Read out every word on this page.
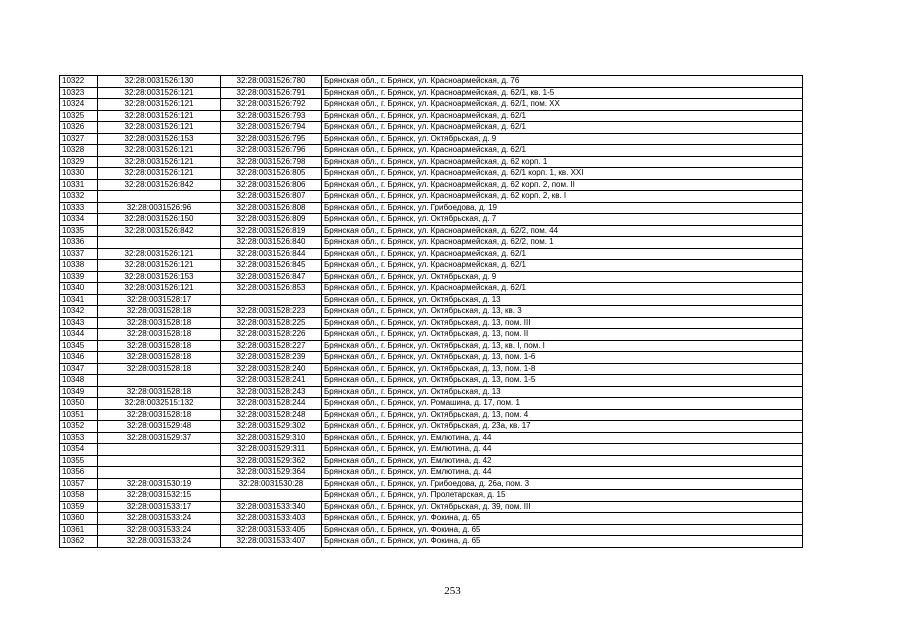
10322	32:28:0031526:130	32:28:0031526:780	Брянская обл., г. Брянск, ул. Красноармейская, д. 76
10323	32:28:0031526:121	32:28:0031526:791	Брянская обл., г. Брянск, ул. Красноармейская, д. 62/1, кв. 1-5
10324	32:28:0031526:121	32:28:0031526:792	Брянская обл., г. Брянск, ул. Красноармейская, д. 62/1, пом. XX
10325	32:28:0031526:121	32:28:0031526:793	Брянская обл., г. Брянск, ул. Красноармейская, д. 62/1
10326	32:28:0031526:121	32:28:0031526:794	Брянская обл., г. Брянск, ул. Красноармейская, д. 62/1
10327	32:28:0031526:153	32:28:0031526:795	Брянская обл., г. Брянск, ул. Октябрьская, д. 9
10328	32:28:0031526:121	32:28:0031526:796	Брянская обл., г. Брянск, ул. Красноармейская, д. 62/1
10329	32:28:0031526:121	32:28:0031526:798	Брянская обл., г. Брянск, ул. Красноармейская, д. 62 корп. 1
10330	32:28:0031526:121	32:28:0031526:805	Брянская обл., г. Брянск, ул. Красноармейская, д. 62/1 корп. 1, кв. XXI
10331	32:28:0031526:842	32:28:0031526:806	Брянская обл., г. Брянск, ул. Красноармейская, д. 62 корп. 2, пом. II
10332		32:28:0031526:807	Брянская обл., г. Брянск, ул. Красноармейская, д. 62 корп. 2, кв. I
10333	32:28:0031526:96	32:28:0031526:808	Брянская обл., г. Брянск, ул. Грибоедова, д. 19
10334	32:28:0031526:150	32:28:0031526:809	Брянская обл., г. Брянск, ул. Октябрьская, д. 7
10335	32:28:0031526:842	32:28:0031526:819	Брянская обл., г. Брянск, ул. Красноармейская, д. 62/2, пом. 44
10336		32:28:0031526:840	Брянская обл., г. Брянск, ул. Красноармейская, д. 62/2, пом. 1
10337	32:28:0031526:121	32:28:0031526:844	Брянская обл., г. Брянск, ул. Красноармейская, д. 62/1
10338	32:28:0031526:121	32:28:0031526:845	Брянская обл., г. Брянск, ул. Красноармейская, д. 62/1
10339	32:28:0031526:153	32:28:0031526:847	Брянская обл., г. Брянск, ул. Октябрьская, д. 9
10340	32:28:0031526:121	32:28:0031526:853	Брянская обл., г. Брянск, ул. Красноармейская, д. 62/1
10341	32:28:0031528:17		Брянская обл., г. Брянск, ул. Октябрьская, д. 13
10342	32:28:0031528:18	32:28:0031528:223	Брянская обл., г. Брянск, ул. Октябрьская, д. 13, кв. 3
10343	32:28:0031528:18	32:28:0031528:225	Брянская обл., г. Брянск, ул. Октябрьская, д. 13, пом. III
10344	32:28:0031528:18	32:28:0031528:226	Брянская обл., г. Брянск, ул. Октябрьская, д. 13, пом. II
10345	32:28:0031528:18	32:28:0031528:227	Брянская обл., г. Брянск, ул. Октябрьская, д. 13, кв. I, пом. I
10346	32:28:0031528:18	32:28:0031528:239	Брянская обл., г. Брянск, ул. Октябрьская, д. 13, пом. 1-6
10347	32:28:0031528:18	32:28:0031528:240	Брянская обл., г. Брянск, ул. Октябрьская, д. 13, пом. 1-8
10348		32:28:0031528:241	Брянская обл., г. Брянск, ул. Октябрьская, д. 13, пом. 1-5
10349	32:28:0031528:18	32:28:0031528:243	Брянская обл., г. Брянск, ул. Октябрьская, д. 13
10350	32:28:0032515:132	32:28:0031528:244	Брянская обл., г. Брянск, ул. Ромашина, д. 17, пом. 1
10351	32:28:0031528:18	32:28:0031528:248	Брянская обл., г. Брянск, ул. Октябрьская, д. 13, пом. 4
10352	32:28:0031529:48	32:28:0031529:302	Брянская обл., г. Брянск, ул. Октябрьская, д. 23а, кв. 17
10353	32:28:0031529:37	32:28:0031529:310	Брянская обл., г. Брянск, ул. Емлютина, д. 44
10354		32:28:0031529:311	Брянская обл., г. Брянск, ул. Емлютина, д. 44
10355		32:28:0031529:362	Брянская обл., г. Брянск, ул. Емлютина, д. 42
10356		32:28:0031529:364	Брянская обл., г. Брянск, ул. Емлютина, д. 44
10357	32:28:0031530:19	32:28:0031530:28	Брянская обл., г. Брянск, ул. Грибоедова, д. 26а, пом. 3
10358	32:28:0031532:15		Брянская обл., г. Брянск, ул. Пролетарская, д. 15
10359	32:28:0031533:17	32:28:0031533:340	Брянская обл., г. Брянск, ул. Октябрьская, д. 39, пом. III
10360	32:28:0031533:24	32:28:0031533:403	Брянская обл., г. Брянск, ул. Фокина, д. 65
10361	32:28:0031533:24	32:28:0031533:405	Брянская обл., г. Брянск, ул. Фокина, д. 65
10362	32:28:0031533:24	32:28:0031533:407	Брянская обл., г. Брянск, ул. Фокина, д. 65
253
